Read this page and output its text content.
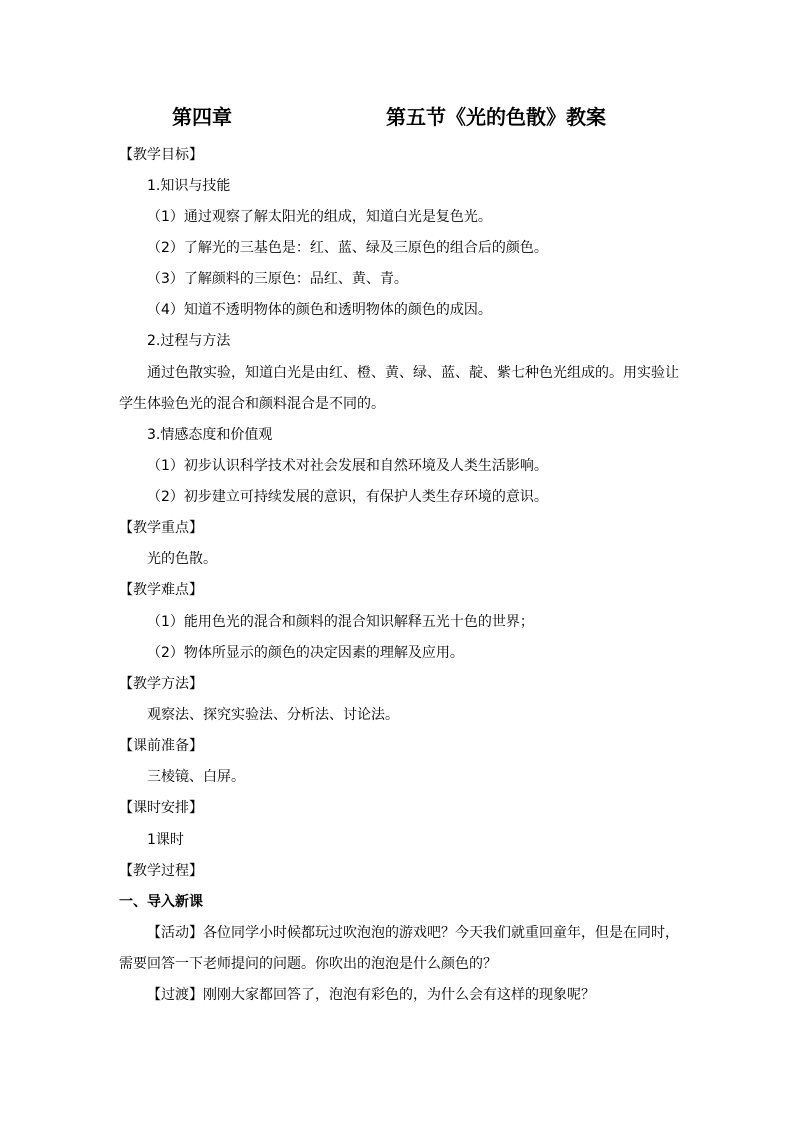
第四章	第五节《光的色散》教案
【教学目标】
1.知识与技能
（1）通过观察了解太阳光的组成，知道白光是复色光。
（2）了解光的三基色是：红、蓝、绿及三原色的组合后的颜色。
（3）了解颜料的三原色：品红、黄、青。
（4）知道不透明物体的颜色和透明物体的颜色的成因。
2.过程与方法
通过色散实验，知道白光是由红、橙、黄、绿、蓝、靛、紫七种色光组成的。用实验让
学生体验色光的混合和颜料混合是不同的。
3.情感态度和价值观
（1）初步认识科学技术对社会发展和自然环境及人类生活影响。
（2）初步建立可持续发展的意识，有保护人类生存环境的意识。
【教学重点】
光的色散。
【教学难点】
（1）能用色光的混合和颜料的混合知识解释五光十色的世界；
（2）物体所显示的颜色的决定因素的理解及应用。
【教学方法】
观察法、探究实验法、分析法、讨论法。
【课前准备】
三棱镜、白屏。
【课时安排】
1课时
【教学过程】
一、导入新课
【活动】各位同学小时候都玩过吹泡泡的游戏吧？今天我们就重回童年，但是在同时，
需要回答一下老师提问的问题。你吹出的泡泡是什么颜色的？
【过渡】刚刚大家都回答了，泡泡有彩色的，为什么会有这样的现象呢？
